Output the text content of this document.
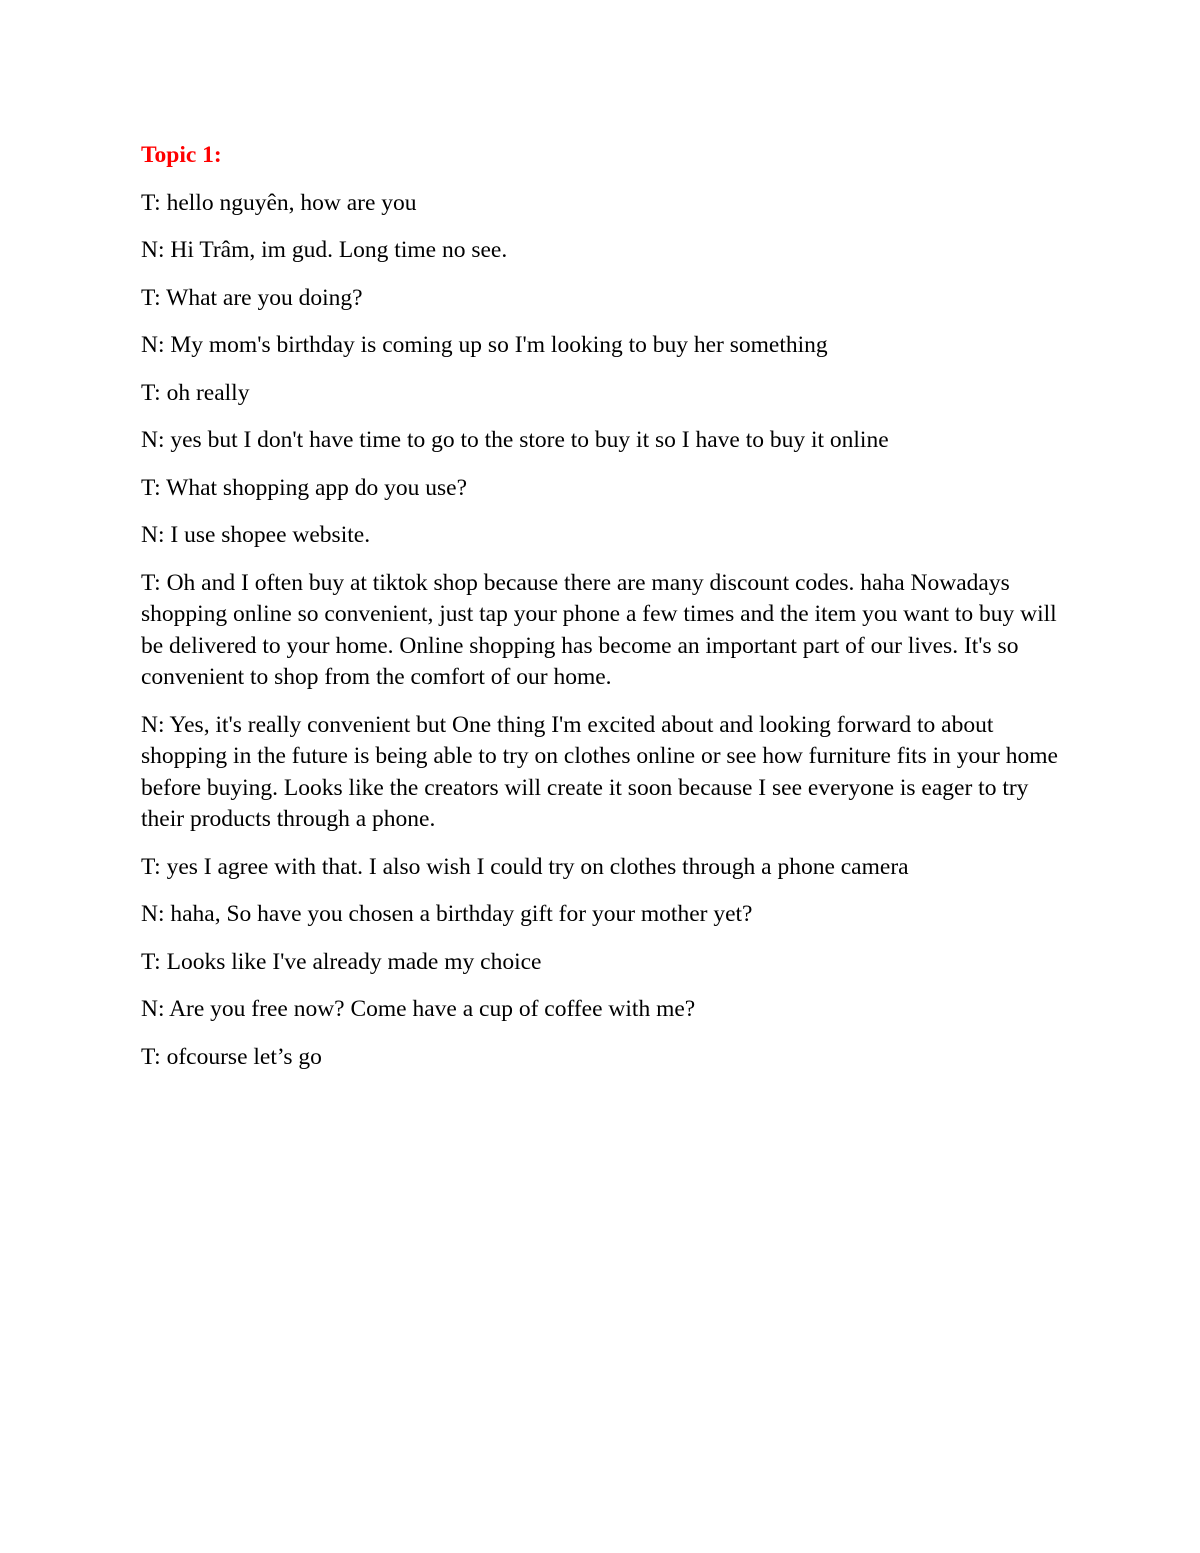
Topic 1:
T: hello nguyên, how are you
N: Hi Trâm, im gud. Long time no see.
T: What are you doing?
N: My mom's birthday is coming up so I'm looking to buy her something
T: oh really
N: yes but I don't have time to go to the store to buy it so I have to buy it online
T: What shopping app do you use?
N: I use shopee website.
T: Oh and I often buy at tiktok shop because there are many discount codes. haha Nowadays shopping online so convenient, just tap your phone a few times and the item you want to buy will be delivered to your home. Online shopping has become an important part of our lives. It's so convenient to shop from the comfort of our home.
N: Yes, it's really convenient but One thing I'm excited about and looking forward to about shopping in the future is being able to try on clothes online or see how furniture fits in your home before buying. Looks like the creators will create it soon because I see everyone is eager to try their products through a phone.
T: yes I agree with that. I also wish I could try on clothes through a phone camera
N: haha, So have you chosen a birthday gift for your mother yet?
T: Looks like I've already made my choice
N: Are you free now? Come have a cup of coffee with me?
T: ofcourse let’s go
